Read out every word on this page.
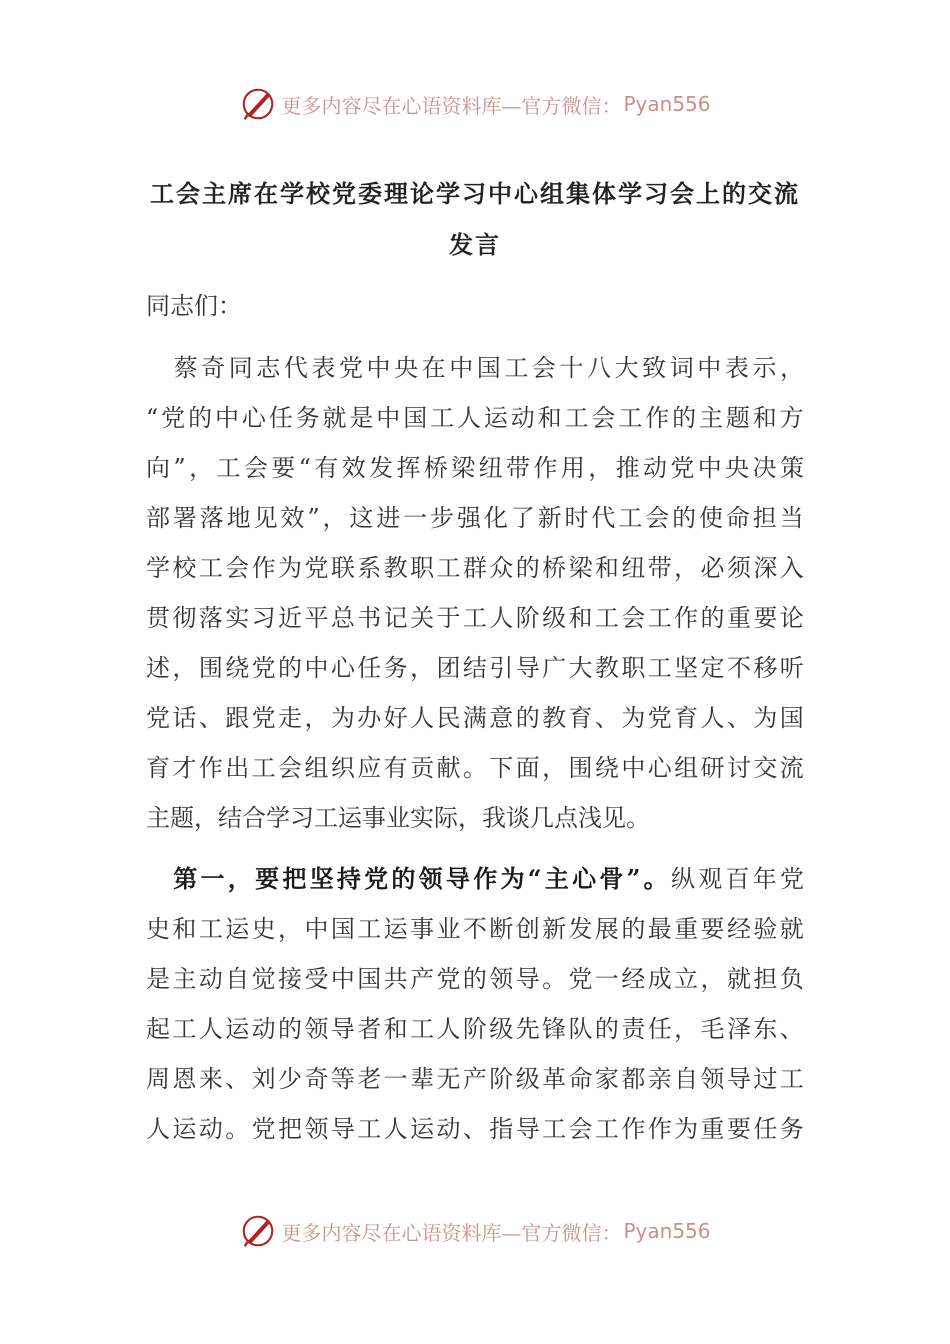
更多内容尽在心语资料库— 官方微信： Pyan556
工会主席在学校党委理论学习中心组集体学习会上的交流
发言
同志们：

蔡 奇 同 志 代 表 党 中 央 在 中 国 工 会 十 八 大 致 词 中 表 示 ，
“ 党 的 中 心 任 务 就 是 中 国 工 人 运 动 和 工 会 工 作 的 主 题 和 方
向 ” ， 工 会 要 “ 有 效 发 挥 桥 梁 纽 带 作 用 ， 推 动 党 中 央 决 策
部 署 落 地 见 效 ” ， 这 进 一 步 强 化 了 新 时 代 工 会 的 使 命 担 当
学 校 工 会 作 为 党 联 系 教 职 工 群 众 的 桥 梁 和 纽 带 ， 必 须 深 入
贯 彻 落 实 习 近 平 总 书 记 关 于 工 人 阶 级 和 工 会 工 作 的 重 要 论
述 ， 围 绕 党 的 中 心 任 务 ， 团 结 引 导 广 大 教 职 工 坚 定 不 移 听
党 话 、 跟 党 走 ， 为 办 好 人 民 满 意 的 教 育 、 为 党 育 人 、 为 国
育 才 作 出 工 会 组 织 应 有 贡 献 。 下 面 ， 围 绕 中 心 组 研 讨 交 流
主题，结合学习工运事业实际，我谈几点浅见。

第 一 ， 要 把 坚 持 党 的 领 导 作 为 “ 主 心 骨 ” 。 纵 观 百 年 党
史 和 工 运 史 ， 中 国 工 运 事 业 不 断 创 新 发 展 的 最 重 要 经 验 就
是 主 动 自 觉 接 受 中 国 共 产 党 的 领 导 。 党 一 经 成 立 ， 就 担 负
起 工 人 运 动 的 领 导 者 和 工 人 阶 级 先 锋 队 的 责 任 ， 毛 泽 东 、
周 恩 来 、 刘 少 奇 等 老 一 辈 无 产 阶 级 革 命 家 都 亲 自 领 导 过 工
人 运 动 。 党 把 领 导 工 人 运 动 、 指 导 工 会 工 作 作 为 重 要 任 务
更多内容尽在心语资料库— 官方微信： Pyan556
